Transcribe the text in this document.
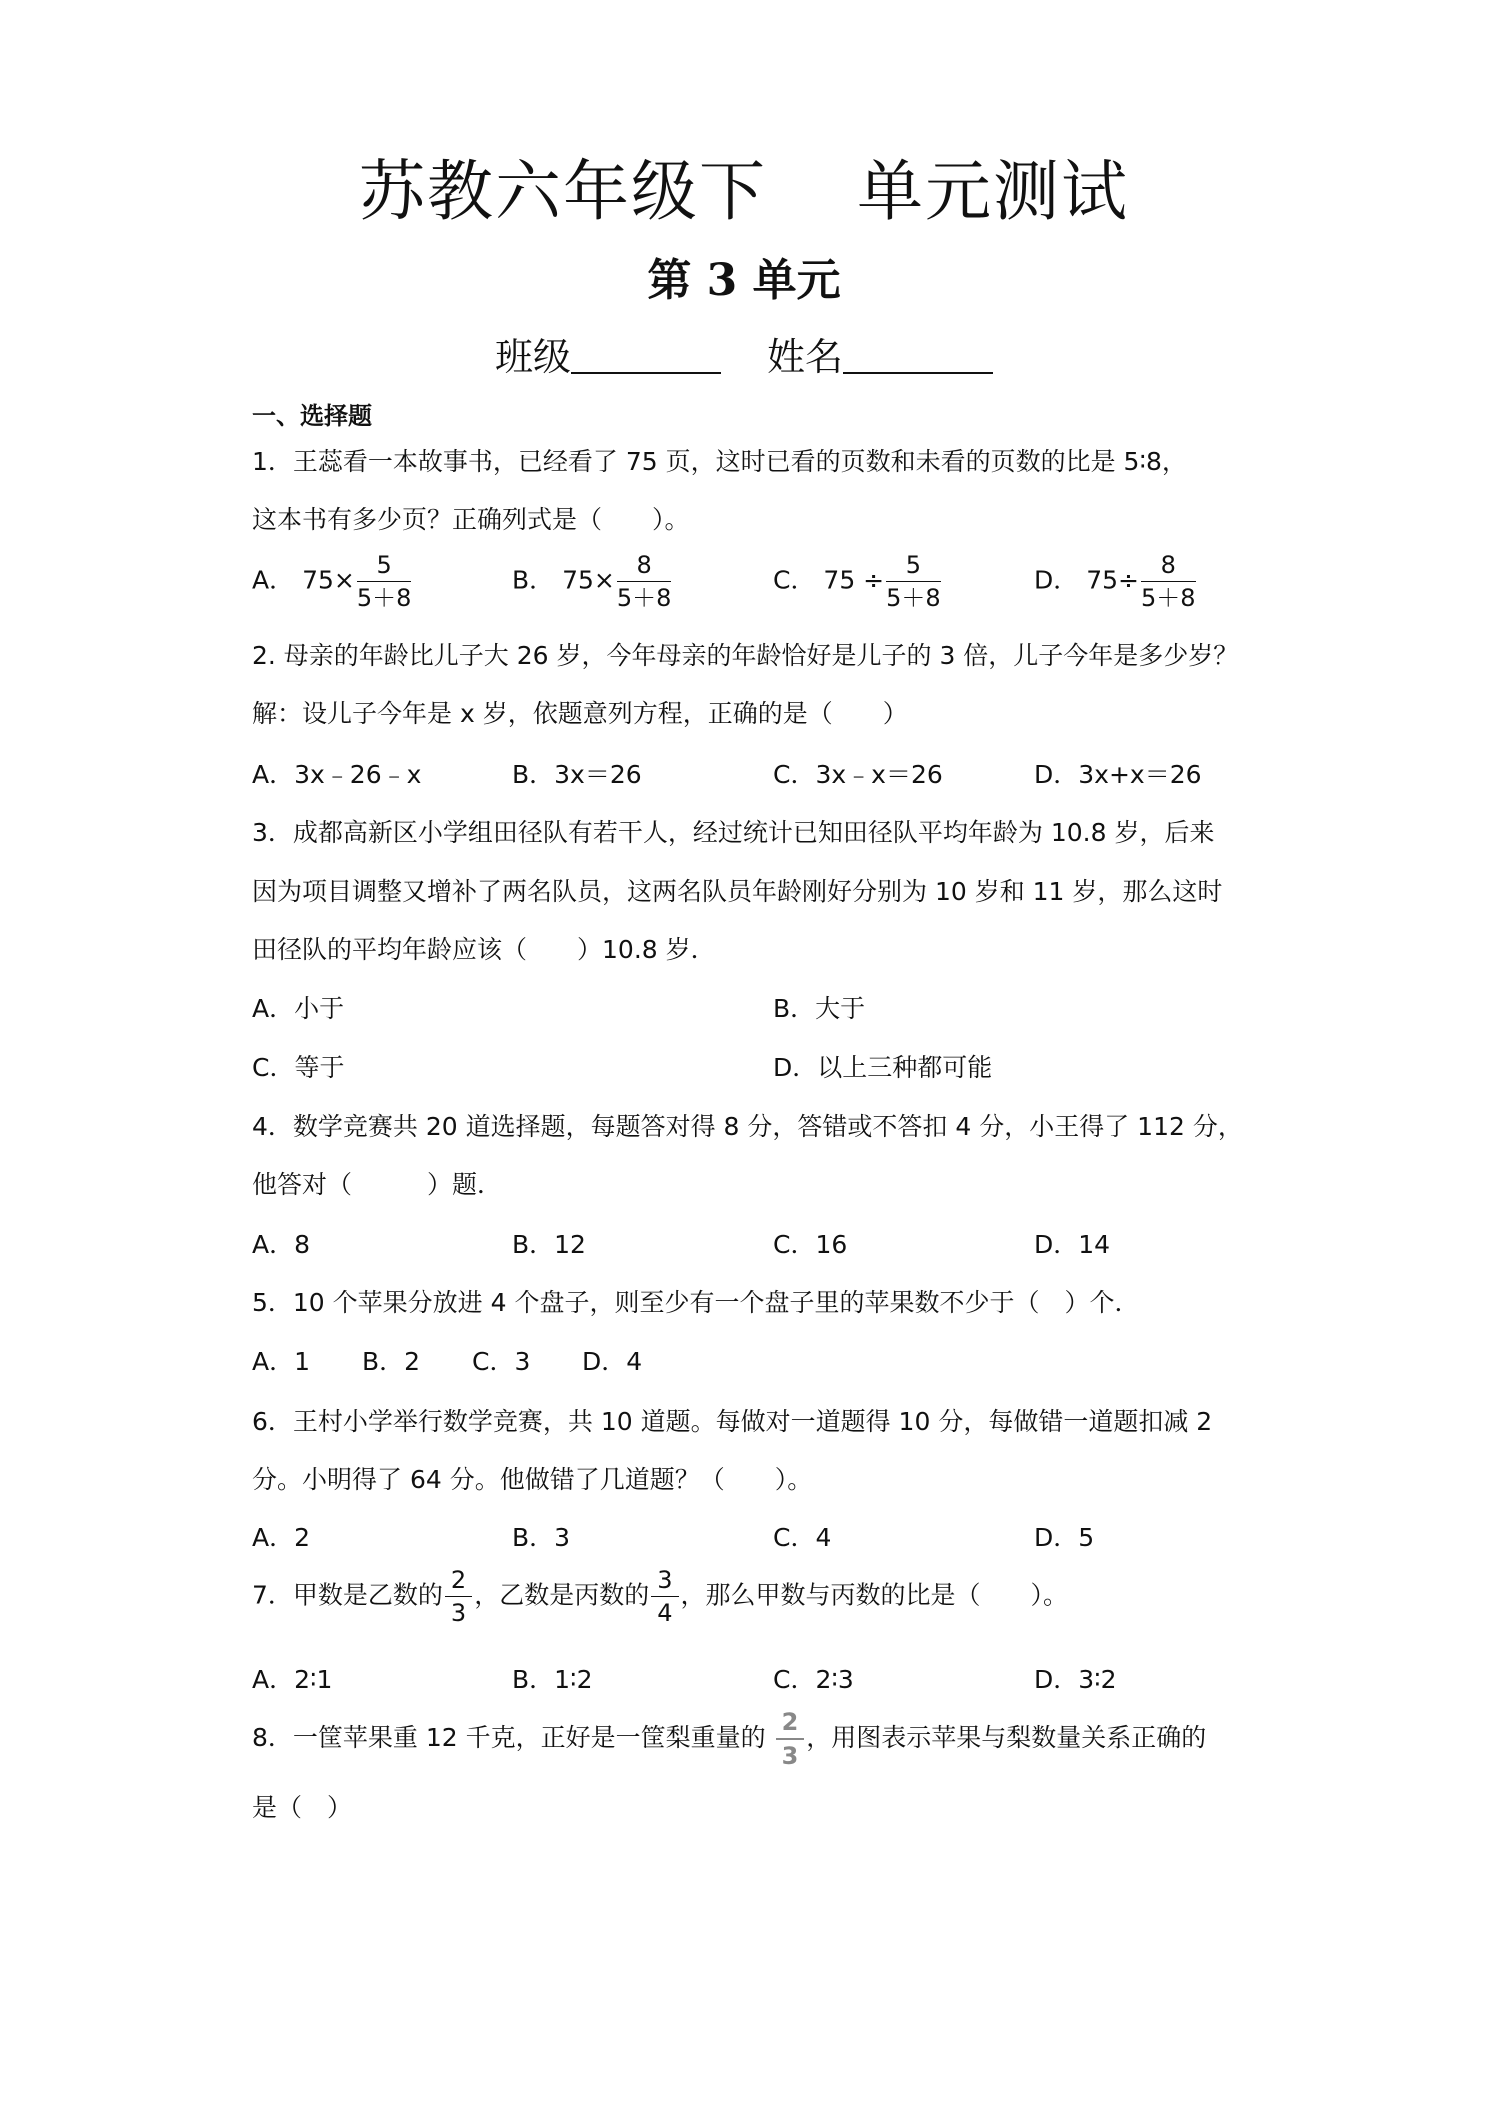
苏教六年级下 单元测试
第 3 单元
班级	姓名
一、选择题
1．王蕊看一本故事书，已经看了 75 页，这时已看的页数和未看的页数的比是 5∶8，
这本书有多少页？正确列式是（　　）。
A． $75\times \frac{5}{5+8}$	B． $75\times \frac{8}{5+8}$	C． $75 \div \frac{5}{5+8}$	D． $75\div \frac{8}{5+8}$
2. 母亲的年龄比儿子大 26 岁，今年母亲的年龄恰好是儿子的 3 倍，儿子今年是多少岁？
解：设儿子今年是 x 岁，依题意列方程，正确的是（　　）
A．3x﹣26﹣x	B．3x＝26	C．3x﹣x＝26	D．3x+x＝26
3．成都高新区小学组田径队有若干人，经过统计已知田径队平均年龄为 10.8 岁，后来
因为项目调整又增补了两名队员，这两名队员年龄刚好分别为 10 岁和 11 岁，那么这时
田径队的平均年龄应该（　　）10.8 岁．
A．小于	B．大于
C．等于	D．以上三种都可能
4．数学竞赛共 20 道选择题，每题答对得 8 分，答错或不答扣 4 分，小王得了 112 分，
他答对（　　　）题．
A．8	B．12	C．16	D．14
5．10 个苹果分放进 4 个盘子，则至少有一个盘子里的苹果数不少于（　）个．
A．1 B．2 C．3 D．4
6．王村小学举行数学竞赛，共 10 道题。每做对一道题得 10 分，每做错一道题扣减 2
分。小明得了 64 分。他做错了几道题？（　　）。
A．2	B．3	C．4	D．5
7．甲数是乙数的 $\frac{2}{3}$ ，乙数是丙数的 $\frac{3}{4}$ ，那么甲数与丙数的比是（　　）。
A．2∶1	B．1∶2	C．2∶3	D．3∶2
8．一筐苹果重 12 千克，正好是一筐梨重量的 $\frac{2}{3}$ ，用图表示苹果与梨数量关系正确的
是（　）
